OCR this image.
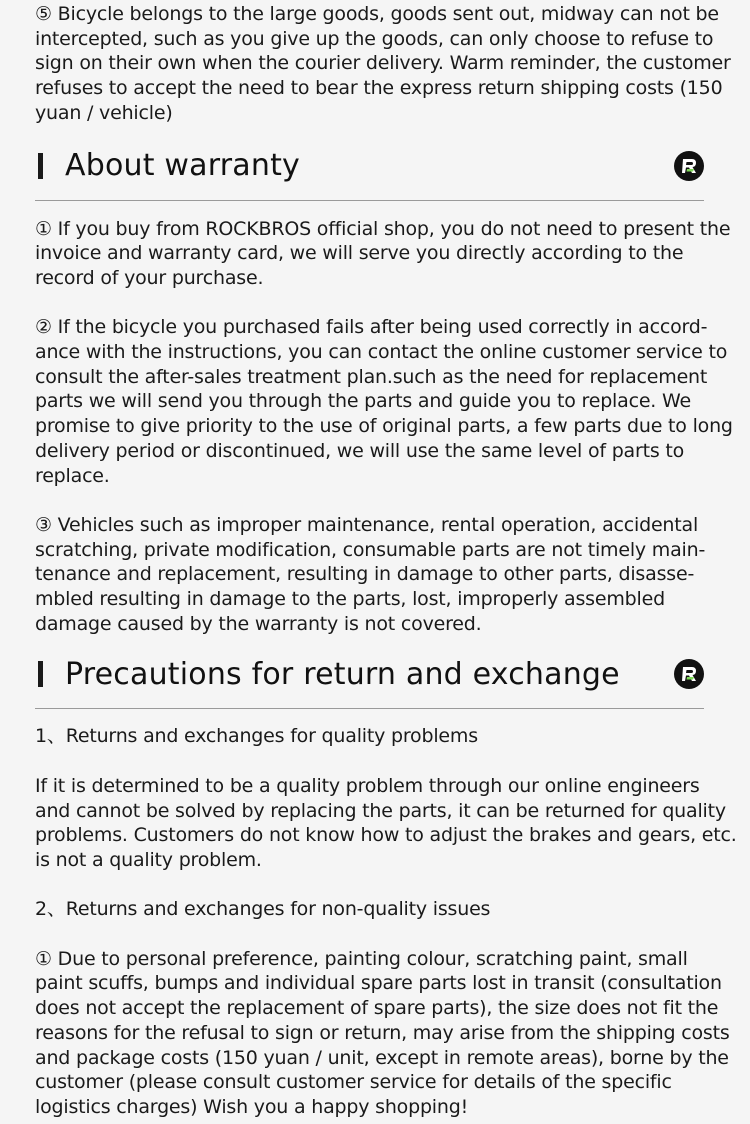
⑤ Bicycle belongs to the large goods, goods sent out, midway can not be intercepted, such as you give up the goods, can only choose to refuse to sign on their own when the courier delivery. Warm reminder, the customer refuses to accept the need to bear the express return shipping costs (150 yuan / vehicle)

About warranty

① If you buy from ROCKBROS official shop, you do not need to present the invoice and warranty card, we will serve you directly according to the record of your purchase.

② If the bicycle you purchased fails after being used correctly in accord-ance with the instructions, you can contact the online customer service to consult the after-sales treatment plan.such as the need for replacement parts we will send you through the parts and guide you to replace. We promise to give priority to the use of original parts, a few parts due to long delivery period or discontinued, we will use the same level of parts to replace.

③ Vehicles such as improper maintenance, rental operation, accidental scratching, private modification, consumable parts are not timely main-tenance and replacement, resulting in damage to other parts, disasse-mbled resulting in damage to the parts, lost, improperly assembled damage caused by the warranty is not covered.

Precautions for return and exchange

1、Returns and exchanges for quality problems

If it is determined to be a quality problem through our online engineers and cannot be solved by replacing the parts, it can be returned for quality problems. Customers do not know how to adjust the brakes and gears, etc. is not a quality problem.

2、Returns and exchanges for non-quality issues

① Due to personal preference, painting colour, scratching paint, small paint scuffs, bumps and individual spare parts lost in transit (consultation does not accept the replacement of spare parts), the size does not fit the reasons for the refusal to sign or return, may arise from the shipping costs and package costs (150 yuan / unit, except in remote areas), borne by the customer (please consult customer service for details of the specific logistics charges) Wish you a happy shopping!
